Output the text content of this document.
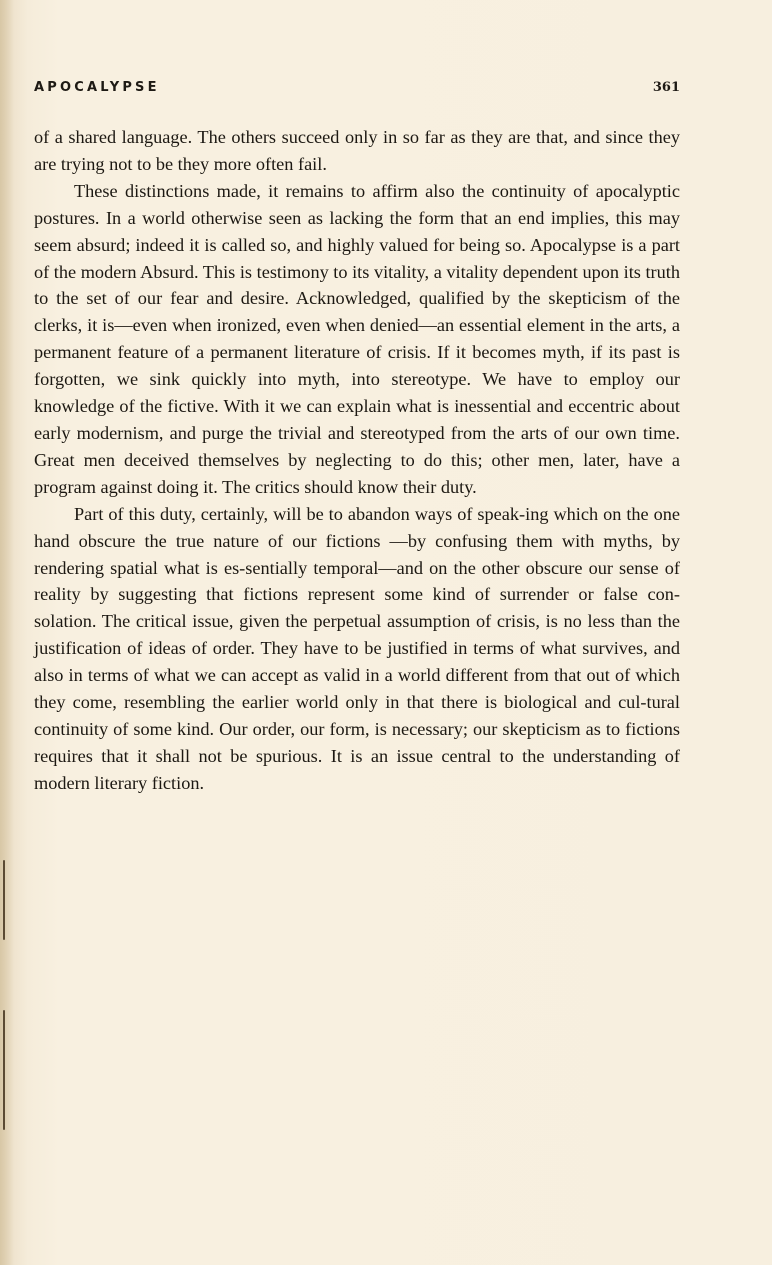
APOCALYPSE	361

of a shared language. The others succeed only in so far as they are that, and since they are trying not to be they more often fail.

These distinctions made, it remains to affirm also the continuity of apocalyptic postures. In a world otherwise seen as lacking the form that an end implies, this may seem absurd; indeed it is called so, and highly valued for being so. Apocalypse is a part of the modern Absurd. This is testimony to its vitality, a vitality dependent upon its truth to the set of our fear and desire. Acknowledged, qualified by the skepticism of the clerks, it is—even when ironized, even when denied—an essential element in the arts, a permanent feature of a permanent literature of crisis. If it becomes myth, if its past is forgotten, we sink quickly into myth, into stereotype. We have to employ our knowledge of the fictive. With it we can explain what is inessential and eccentric about early modernism, and purge the trivial and stereotyped from the arts of our own time. Great men deceived themselves by neglecting to do this; other men, later, have a program against doing it. The critics should know their duty.

Part of this duty, certainly, will be to abandon ways of speak-ing which on the one hand obscure the true nature of our fictions —by confusing them with myths, by rendering spatial what is es-sentially temporal—and on the other obscure our sense of reality by suggesting that fictions represent some kind of surrender or false con-solation. The critical issue, given the perpetual assumption of crisis, is no less than the justification of ideas of order. They have to be justified in terms of what survives, and also in terms of what we can accept as valid in a world different from that out of which they come, resembling the earlier world only in that there is biological and cul-tural continuity of some kind. Our order, our form, is necessary; our skepticism as to fictions requires that it shall not be spurious. It is an issue central to the understanding of modern literary fiction.
